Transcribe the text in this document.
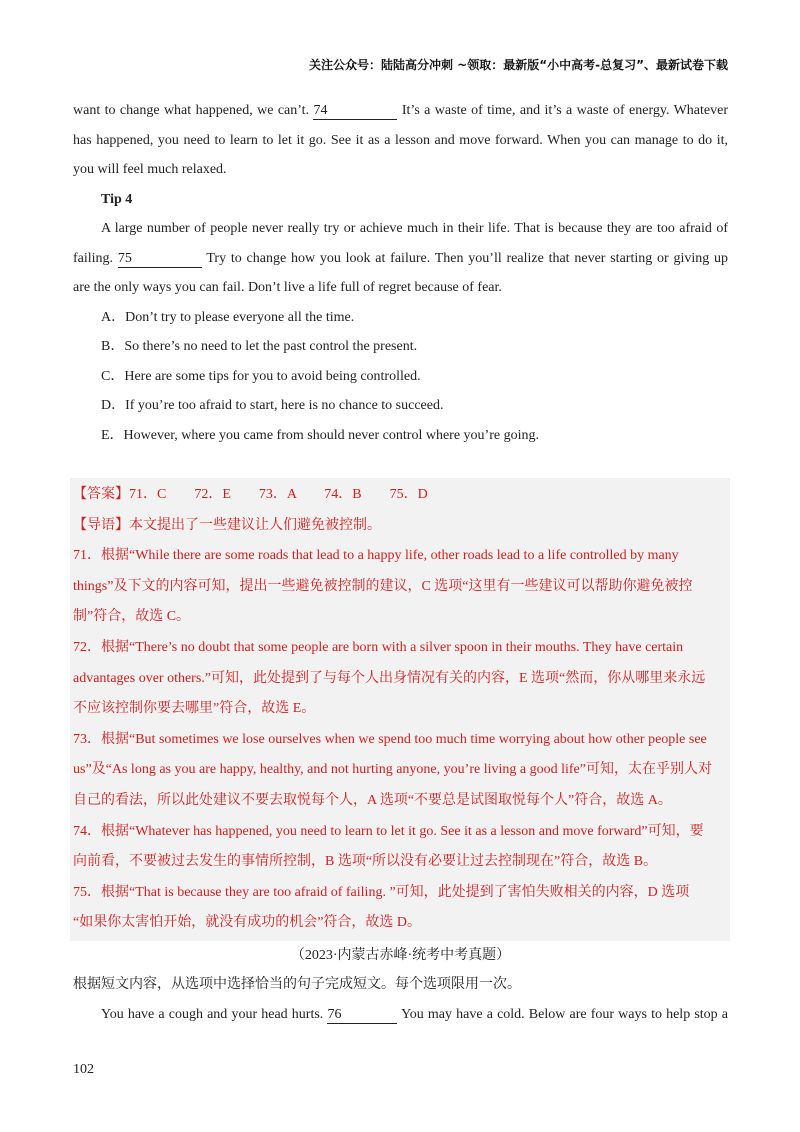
关注公众号：陆陆高分冲刺 ~领取：最新版“小中高考-总复习”、最新试卷下载
want to change what happened, we can’t. 74	It’s a waste of time, and it’s a waste of energy. Whatever
has happened, you need to learn to let it go. See it as a lesson and move forward. When you can manage to do it,
you will feel much relaxed.
Tip 4
A large number of people never really try or achieve much in their life. That is because they are too afraid of
failing. 75	Try to change how you look at failure. Then you’ll realize that never starting or giving up
are the only ways you can fail. Don’t live a life full of regret because of fear.
A．Don’t try to please everyone all the time.
B．So there’s no need to let the past control the present.
C．Here are some tips for you to avoid being controlled.
D．If you’re too afraid to start, here is no chance to succeed.
E．However, where you came from should never control where you’re going.
【答案】71．C　　72．E　　73．A　　74．B　　75．D
【导语】本文提出了一些建议让人们避免被控制。
71．根据“While there are some roads that lead to a happy life, other roads lead to a life controlled by many
things”及下文的内容可知，提出一些避免被控制的建议，C 选项“这里有一些建议可以帮助你避免被控
制”符合，故选 C。
72．根据“There’s no doubt that some people are born with a silver spoon in their mouths. They have certain
advantages over others.”可知，此处提到了与每个人出身情况有关的内容，E 选项“然而，你从哪里来永远
不应该控制你要去哪里”符合，故选 E。
73．根据“But sometimes we lose ourselves when we spend too much time worrying about how other people see
us”及“As long as you are happy, healthy, and not hurting anyone, you’re living a good life”可知，太在乎别人对
自己的看法，所以此处建议不要去取悦每个人，A 选项“不要总是试图取悦每个人”符合，故选 A。
74．根据“Whatever has happened, you need to learn to let it go. See it as a lesson and move forward”可知，要
向前看，不要被过去发生的事情所控制，B 选项“所以没有必要让过去控制现在”符合，故选 B。
75．根据“That is because they are too afraid of failing. ”可知，此处提到了害怕失败相关的内容，D 选项
“如果你太害怕开始，就没有成功的机会”符合，故选 D。
（2023·内蒙古赤峰·统考中考真题）
根据短文内容，从选项中选择恰当的句子完成短文。每个选项限用一次。
You have a cough and your head hurts. 76	You may have a cold. Below are four ways to help stop a
102
